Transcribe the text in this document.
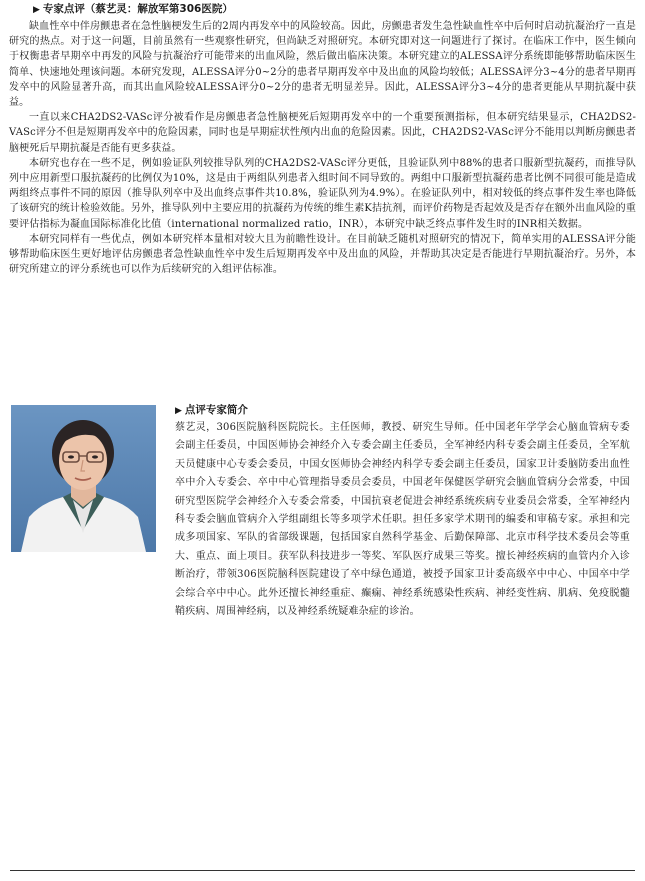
▶ 专家点评（蔡艺灵：解放军第306医院）

缺血性卒中伴房颤患者在急性脑梗发生后的2周内再发卒中的风险较高。因此，房颤患者发生急性缺血性卒中后何时启动抗凝治疗一直是研究的热点。对于这一问题，目前虽然有一些观察性研究，但尚缺乏对照研究。本研究即对这一问题进行了探讨。在临床工作中，医生倾向于权衡患者早期卒中再发的风险与抗凝治疗可能带来的出血风险，然后做出临床决策。本研究建立的ALESSA评分系统即能够帮助临床医生简单、快速地处理该问题。本研究发现，ALESSA评分0~2分的患者早期再发卒中及出血的风险均较低；ALESSA评分3~4分的患者早期再发卒中的风险显著升高，而其出血风险较ALESSA评分0~2分的患者无明显差异。因此，ALESSA评分3~4分的患者更能从早期抗凝中获益。

一直以来CHA2DS2-VASc评分被看作是房颤患者急性脑梗死后短期再发卒中的一个重要预测指标，但本研究结果显示，CHA2DS2-VASc评分不但是短期再发卒中的危险因素，同时也是早期症状性颅内出血的危险因素。因此，CHA2DS2-VASc评分不能用以判断房颤患者脑梗死后早期抗凝是否能有更多获益。

本研究也存在一些不足，例如验证队列较推导队列的CHA2DS2-VASc评分更低，且验证队列中88%的患者口服新型抗凝药，而推导队列中应用新型口服抗凝药的比例仅为10%，这是由于两组队列患者入组时间不同导致的。两组中口服新型抗凝药患者比例不同很可能是造成两组终点事件不同的原因（推导队列卒中及出血终点事件共10.8%，验证队列为4.9%）。在验证队列中，相对较低的终点事件发生率也降低了该研究的统计检验效能。另外，推导队列中主要应用的抗凝药为传统的维生素K拮抗剂，而评价药物是否起效及是否存在额外出血风险的重要评估指标为凝血国际标准化比值（international normalized ratio，INR），本研究中缺乏终点事件发生时的INR相关数据。

本研究同样有一些优点，例如本研究样本量相对较大且为前瞻性设计。在目前缺乏随机对照研究的情况下，简单实用的ALESSA评分能够帮助临床医生更好地评估房颤患者急性缺血性卒中发生后短期再发卒中及出血的风险，并帮助其决定是否能进行早期抗凝治疗。另外，本研究所建立的评分系统也可以作为后续研究的入组评估标准。

▶ 点评专家简介

蔡艺灵，306医院脑科医院院长。主任医师，教授、研究生导师。任中国老年学学会心脑血管病专委会副主任委员，中国医师协会神经介入专委会副主任委员，全军神经内科专委会副主任委员，全军航天员健康中心专委会委员，中国女医师协会神经内科学专委会副主任委员，国家卫计委脑防委出血性卒中介入专委会、卒中中心管理指导委员会委员，中国老年保健医学研究会脑血管病分会常委，中国研究型医院学会神经介入专委会常委，中国抗衰老促进会神经系统疾病专业委员会常委，全军神经内科专委会脑血管病介入学组副组长等多项学术任职。担任多家学术期刊的编委和审稿专家。承担和完成多项国家、军队的省部级课题，包括国家自然科学基金、后勤保障部、北京市科学技术委员会等重大、重点、面上项目。获军队科技进步一等奖、军队医疗成果三等奖。擅长神经疾病的血管内介入诊断治疗，带领306医院脑科医院建设了卒中绿色通道，被授予国家卫计委高级卒中中心、中国卒中学会综合卒中中心。此外还擅长神经重症、癫痫、神经系统感染性疾病、神经变性病、肌病、免疫脱髓鞘疾病、周围神经病，以及神经系统疑难杂症的诊治。
